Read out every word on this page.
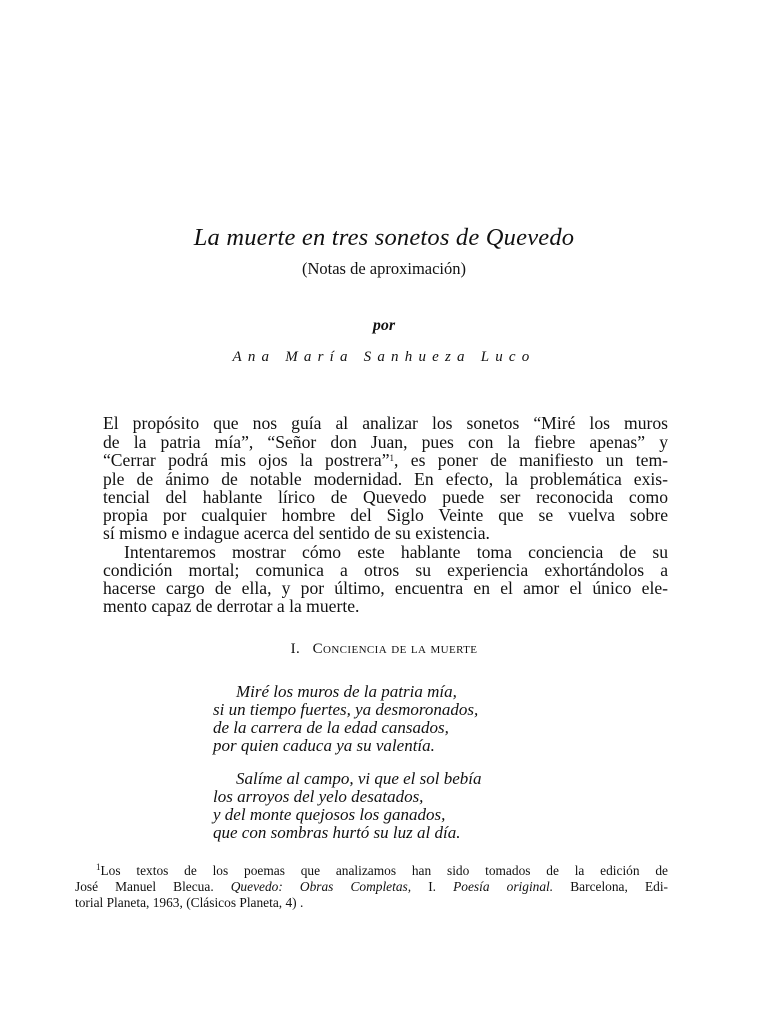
La muerte en tres sonetos de Quevedo
(Notas de aproximación)
por
Ana María Sanhueza Luco
El propósito que nos guía al analizar los sonetos “Miré los muros
de la patria mía”, “Señor don Juan, pues con la fiebre apenas” y
“Cerrar podrá mis ojos la postrera”$^1$, es poner de manifiesto un tem-
ple de ánimo de notable modernidad. En efecto, la problemática exis-
tencial del hablante lírico de Quevedo puede ser reconocida como
propia por cualquier hombre del Siglo Veinte que se vuelva sobre
sí mismo e indague acerca del sentido de su existencia.
Intentaremos mostrar cómo este hablante toma conciencia de su
condición mortal; comunica a otros su experiencia exhortándolos a
hacerse cargo de ella, y por último, encuentra en el amor el único ele-
mento capaz de derrotar a la muerte.
I. Conciencia de la muerte
Miré los muros de la patria mía,
si un tiempo fuertes, ya desmoronados,
de la carrera de la edad cansados,
por quien caduca ya su valentía.
Salíme al campo, vi que el sol bebía
los arroyos del yelo desatados,
y del monte quejosos los ganados,
que con sombras hurtó su luz al día.
$^1$Los textos de los poemas que analizamos han sido tomados de la edición de
José Manuel Blecua. Quevedo: Obras Completas, I. Poesía original. Barcelona, Edi-
torial Planeta, 1963, (Clásicos Planeta, 4) .
